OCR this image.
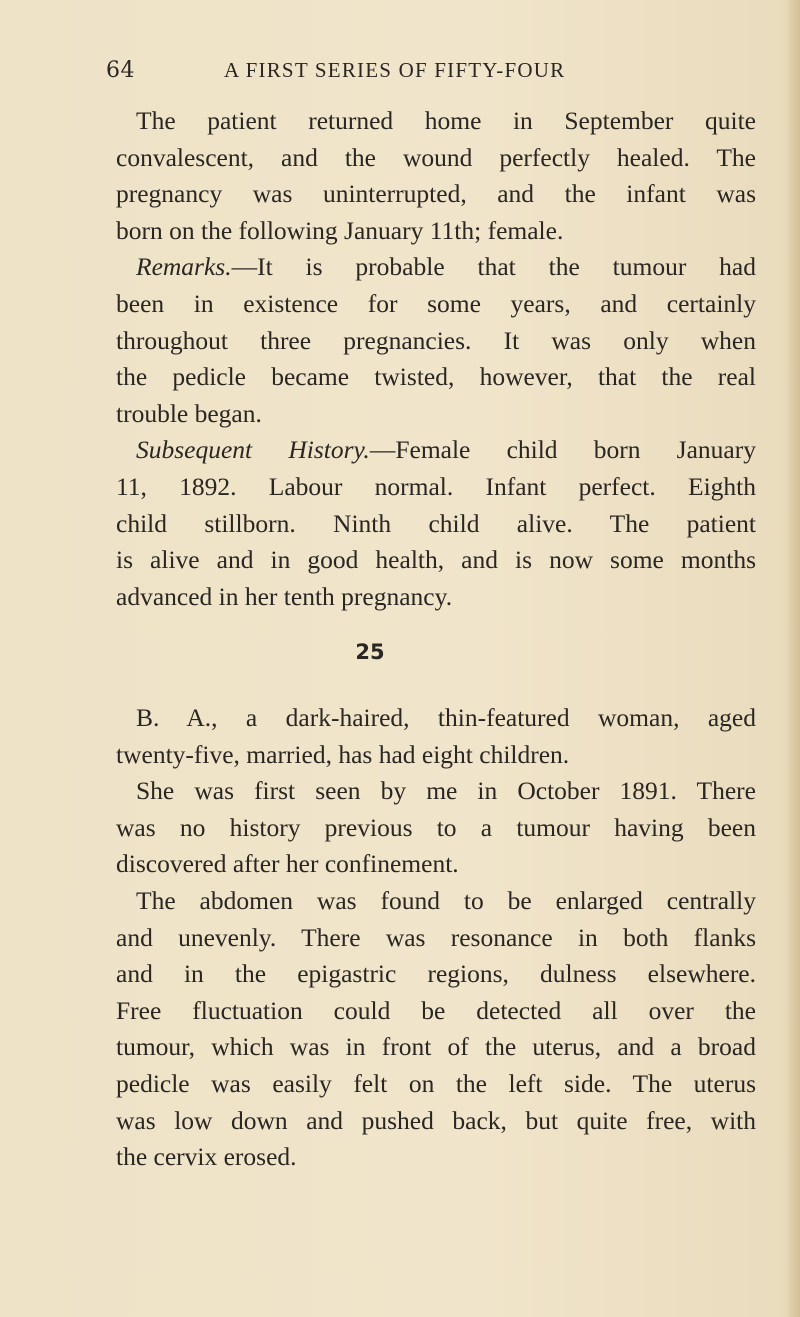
64	A FIRST SERIES OF FIFTY-FOUR
The patient returned home in September quite
convalescent, and the wound perfectly healed. The
pregnancy was uninterrupted, and the infant was
born on the following January 11th; female.
Remarks.—It is probable that the tumour had
been in existence for some years, and certainly
throughout three pregnancies. It was only when
the pedicle became twisted, however, that the real
trouble began.
Subsequent History.—Female child born January
11, 1892. Labour normal. Infant perfect. Eighth
child stillborn. Ninth child alive. The patient
is alive and in good health, and is now some months
advanced in her tenth pregnancy.
25
B. A., a dark-haired, thin-featured woman, aged
twenty-five, married, has had eight children.
She was first seen by me in October 1891. There
was no history previous to a tumour having been
discovered after her confinement.
The abdomen was found to be enlarged centrally
and unevenly. There was resonance in both flanks
and in the epigastric regions, dulness elsewhere.
Free fluctuation could be detected all over the
tumour, which was in front of the uterus, and a broad
pedicle was easily felt on the left side. The uterus
was low down and pushed back, but quite free, with
the cervix erosed.
